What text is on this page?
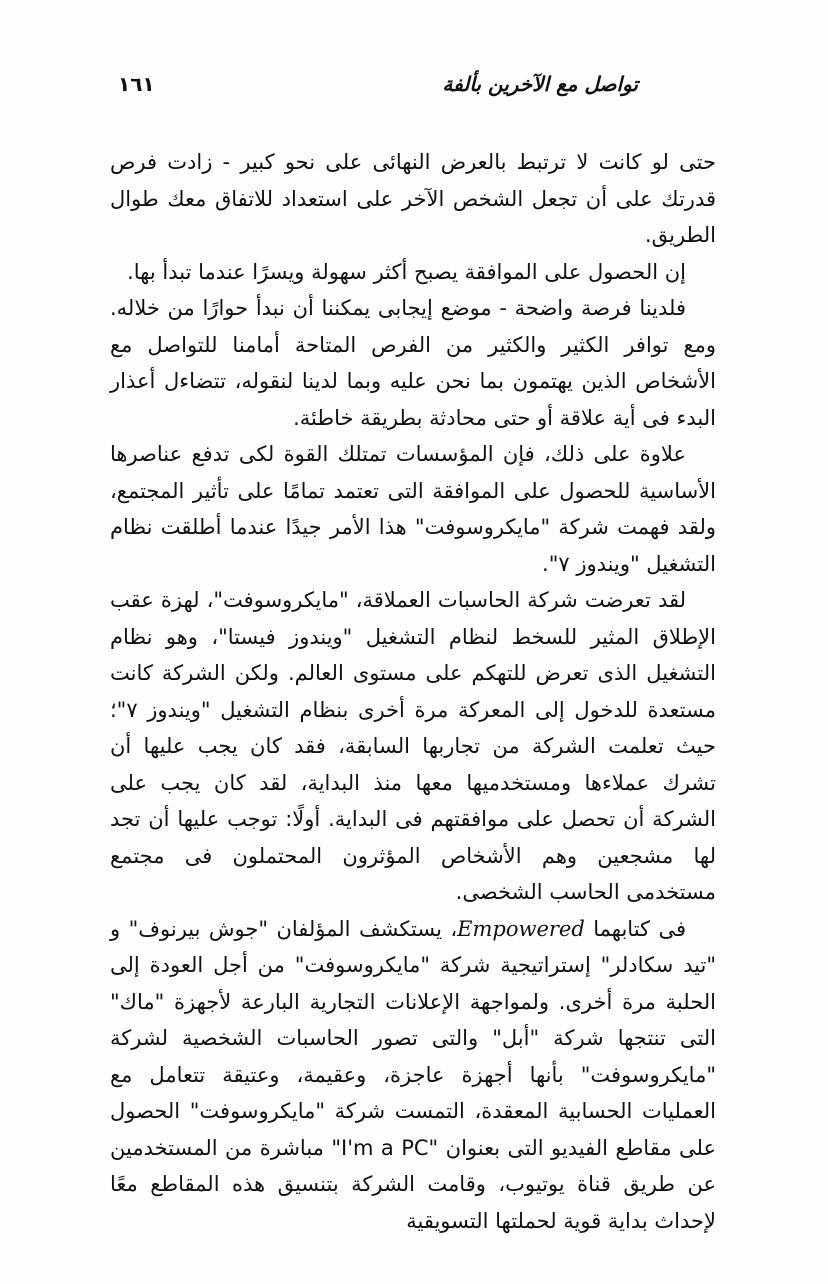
١٦١	تواصل مع الآخرين بألفة

حتى لو كانت لا ترتبط بالعرض النهائى على نحو كبير - زادت فرص قدرتك على أن تجعل الشخص الآخر على استعداد للاتفاق معك طوال الطريق.

إن الحصول على الموافقة يصبح أكثر سهولة ويسرًا عندما تبدأ بها.

فلدينا فرصة واضحة - موضع إيجابى يمكننا أن نبدأ حوارًا من خلاله. ومع توافر الكثير والكثير من الفرص المتاحة أمامنا للتواصل مع الأشخاص الذين يهتمون بما نحن عليه وبما لدينا لنقوله، تتضاءل أعذار البدء فى أية علاقة أو حتى محادثة بطريقة خاطئة.

علاوة على ذلك، فإن المؤسسات تمتلك القوة لكى تدفع عناصرها الأساسية للحصول على الموافقة التى تعتمد تمامًا على تأثير المجتمع، ولقد فهمت شركة "مايكروسوفت" هذا الأمر جيدًا عندما أطلقت نظام التشغيل "ويندوز ٧".

لقد تعرضت شركة الحاسبات العملاقة، "مايكروسوفت"، لهزة عقب الإطلاق المثير للسخط لنظام التشغيل "ويندوز فيستا"، وهو نظام التشغيل الذى تعرض للتهكم على مستوى العالم. ولكن الشركة كانت مستعدة للدخول إلى المعركة مرة أخرى بنظام التشغيل "ويندوز ٧"؛ حيث تعلمت الشركة من تجاربها السابقة، فقد كان يجب عليها أن تشرك عملاءها ومستخدميها معها منذ البداية، لقد كان يجب على الشركة أن تحصل على موافقتهم فى البداية. أولًا: توجب عليها أن تجد لها مشجعين وهم الأشخاص المؤثرون المحتملون فى مجتمع مستخدمى الحاسب الشخصى.

فى كتابهما Empowered، يستكشف المؤلفان "جوش بيرنوف" و "تيد سكادلر" إستراتيجية شركة "مايكروسوفت" من أجل العودة إلى الحلبة مرة أخرى. ولمواجهة الإعلانات التجارية البارعة لأجهزة "ماك" التى تنتجها شركة "أبل" والتى تصور الحاسبات الشخصية لشركة "مايكروسوفت" بأنها أجهزة عاجزة، وعقيمة، وعتيقة تتعامل مع العمليات الحسابية المعقدة، التمست شركة "مايكروسوفت" الحصول على مقاطع الفيديو التى بعنوان "I'm a PC" مباشرة من المستخدمين عن طريق قناة يوتيوب، وقامت الشركة بتنسيق هذه المقاطع معًا لإحداث بداية قوية لحملتها التسويقية
